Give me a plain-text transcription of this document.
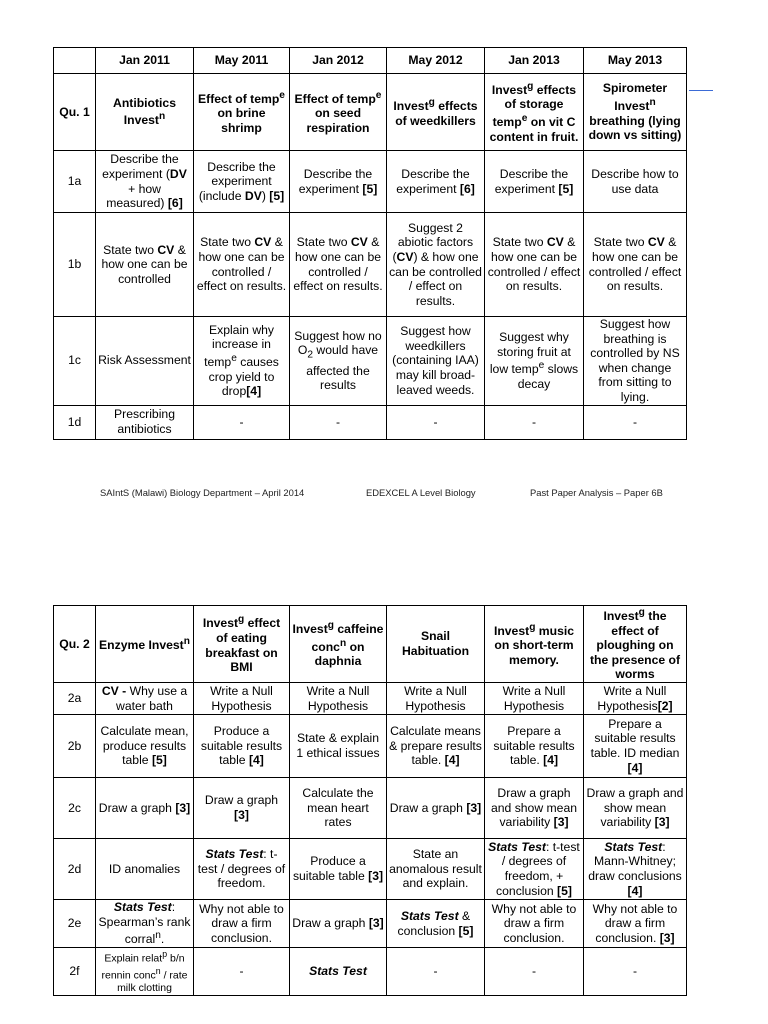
	Jan 2011	May 2011	Jan 2012	May 2012	Jan 2013	May 2013
Qu. 1	Antibiotics Invest$^n$	Effect of temp$^e$ on brine shrimp	Effect of temp$^e$ on seed respiration	Invest$^g$ effects of weedkillers	Invest$^g$ effects of storage temp$^e$ on vit C content in fruit.	Spirometer Invest$^n$ breathing (lying down vs sitting)
1a	Describe the experiment (DV + how measured) [6]	Describe the experiment (include DV) [5]	Describe the experiment [5]	Describe the experiment [6]	Describe the experiment [5]	Describe how to use data
1b	State two CV & how one can be controlled	State two CV & how one can be controlled / effect on results.	State two CV & how one can be controlled / effect on results.	Suggest 2 abiotic factors (CV) & how one can be controlled / effect on results.	State two CV & how one can be controlled / effect on results.	State two CV & how one can be controlled / effect on results.
1c	Risk Assessment	Explain why increase in temp$^e$ causes crop yield to drop[4]	Suggest how no $O_2$ would have affected the results	Suggest how weedkillers (containing IAA) may kill broad-leaved weeds.	Suggest why storing fruit at low temp$^e$ slows decay	Suggest how breathing is controlled by NS when change from sitting to lying.
1d	Prescribing antibiotics	-	-	-	-	-
SAIntS (Malawi) Biology Department – April 2014	EDEXCEL A Level Biology	Past Paper Analysis – Paper 6B
Qu. 2	Enzyme Invest$^n$	Invest$^g$ effect of eating breakfast on BMI	Invest$^g$ caffeine conc$^n$ on daphnia	Snail Habituation	Invest$^g$ music on short-term memory.	Invest$^g$ the effect of ploughing on the presence of worms
2a	CV - Why use a water bath	Write a Null Hypothesis	Write a Null Hypothesis	Write a Null Hypothesis	Write a Null Hypothesis	Write a Null Hypothesis[2]
2b	Calculate mean, produce results table [5]	Produce a suitable results table [4]	State & explain 1 ethical issues	Calculate means & prepare results table. [4]	Prepare a suitable results table. [4]	Prepare a suitable results table. ID median [4]
2c	Draw a graph [3]	Draw a graph [3]	Calculate the mean heart rates	Draw a graph [3]	Draw a graph and show mean variability [3]	Draw a graph and show mean variability [3]
2d	ID anomalies	Stats Test: t-test / degrees of freedom.	Produce a suitable table [3]	State an anomalous result and explain.	Stats Test: t-test / degrees of freedom, + conclusion [5]	Stats Test: Mann-Whitney; draw conclusions [4]
2e	Stats Test: Spearman’s rank corral$^n$.	Why not able to draw a firm conclusion.	Draw a graph [3]	Stats Test & conclusion [5]	Why not able to draw a firm conclusion.	Why not able to draw a firm conclusion. [3]
2f	Explain relat$^p$ b/n rennin conc$^n$ / rate milk clotting	-	Stats Test	-	-	-
